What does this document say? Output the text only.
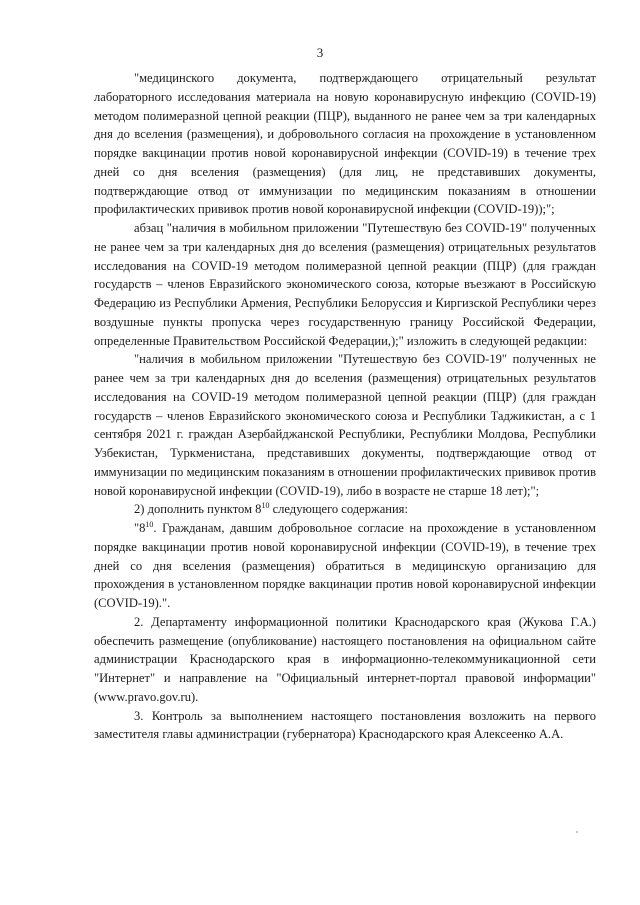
3

"медицинского документа, подтверждающего отрицательный результат лабораторного исследования материала на новую коронавирусную инфекцию (COVID-19) методом полимеразной цепной реакции (ПЦР), выданного не ранее чем за три календарных дня до вселения (размещения), и добровольного согласия на прохождение в установленном порядке вакцинации против новой коронавирусной инфекции (COVID-19) в течение трех дней со дня вселения (размещения) (для лиц, не представивших документы, подтверждающие отвод от иммунизации по медицинским показаниям в отношении профилактических прививок против новой коронавирусной инфекции (COVID-19));";

абзац "наличия в мобильном приложении "Путешествую без COVID-19" полученных не ранее чем за три календарных дня до вселения (размещения) отрицательных результатов исследования на COVID-19 методом полимеразной цепной реакции (ПЦР) (для граждан государств – членов Евразийского экономического союза, которые въезжают в Российскую Федерацию из Республики Армения, Республики Белоруссия и Киргизской Республики через воздушные пункты пропуска через государственную границу Российской Федерации, определенные Правительством Российской Федерации,);" изложить в следующей редакции:

"наличия в мобильном приложении "Путешествую без COVID-19" полученных не ранее чем за три календарных дня до вселения (размещения) отрицательных результатов исследования на COVID-19 методом полимеразной цепной реакции (ПЦР) (для граждан государств – членов Евразийского экономического союза и Республики Таджикистан, а с 1 сентября 2021 г. граждан Азербайджанской Республики, Республики Молдова, Республики Узбекистан, Туркменистана, представивших документы, подтверждающие отвод от иммунизации по медицинским показаниям в отношении профилактических прививок против новой коронавирусной инфекции (COVID-19), либо в возрасте не старше 18 лет);";

2) дополнить пунктом $8^{10}$ следующего содержания:

"$8^{10}$. Гражданам, давшим добровольное согласие на прохождение в установленном порядке вакцинации против новой коронавирусной инфекции (COVID-19), в течение трех дней со дня вселения (размещения) обратиться в медицинскую организацию для прохождения в установленном порядке вакцинации против новой коронавирусной инфекции (COVID-19).".

2. Департаменту информационной политики Краснодарского края (Жукова Г.А.) обеспечить размещение (опубликование) настоящего постановления на официальном сайте администрации Краснодарского края в информационно-телекоммуникационной сети "Интернет" и направление на "Официальный интернет-портал правовой информации" (www.pravo.gov.ru).

3. Контроль за выполнением настоящего постановления возложить на первого заместителя главы администрации (губернатора) Краснодарского края Алексеенко А.А.
